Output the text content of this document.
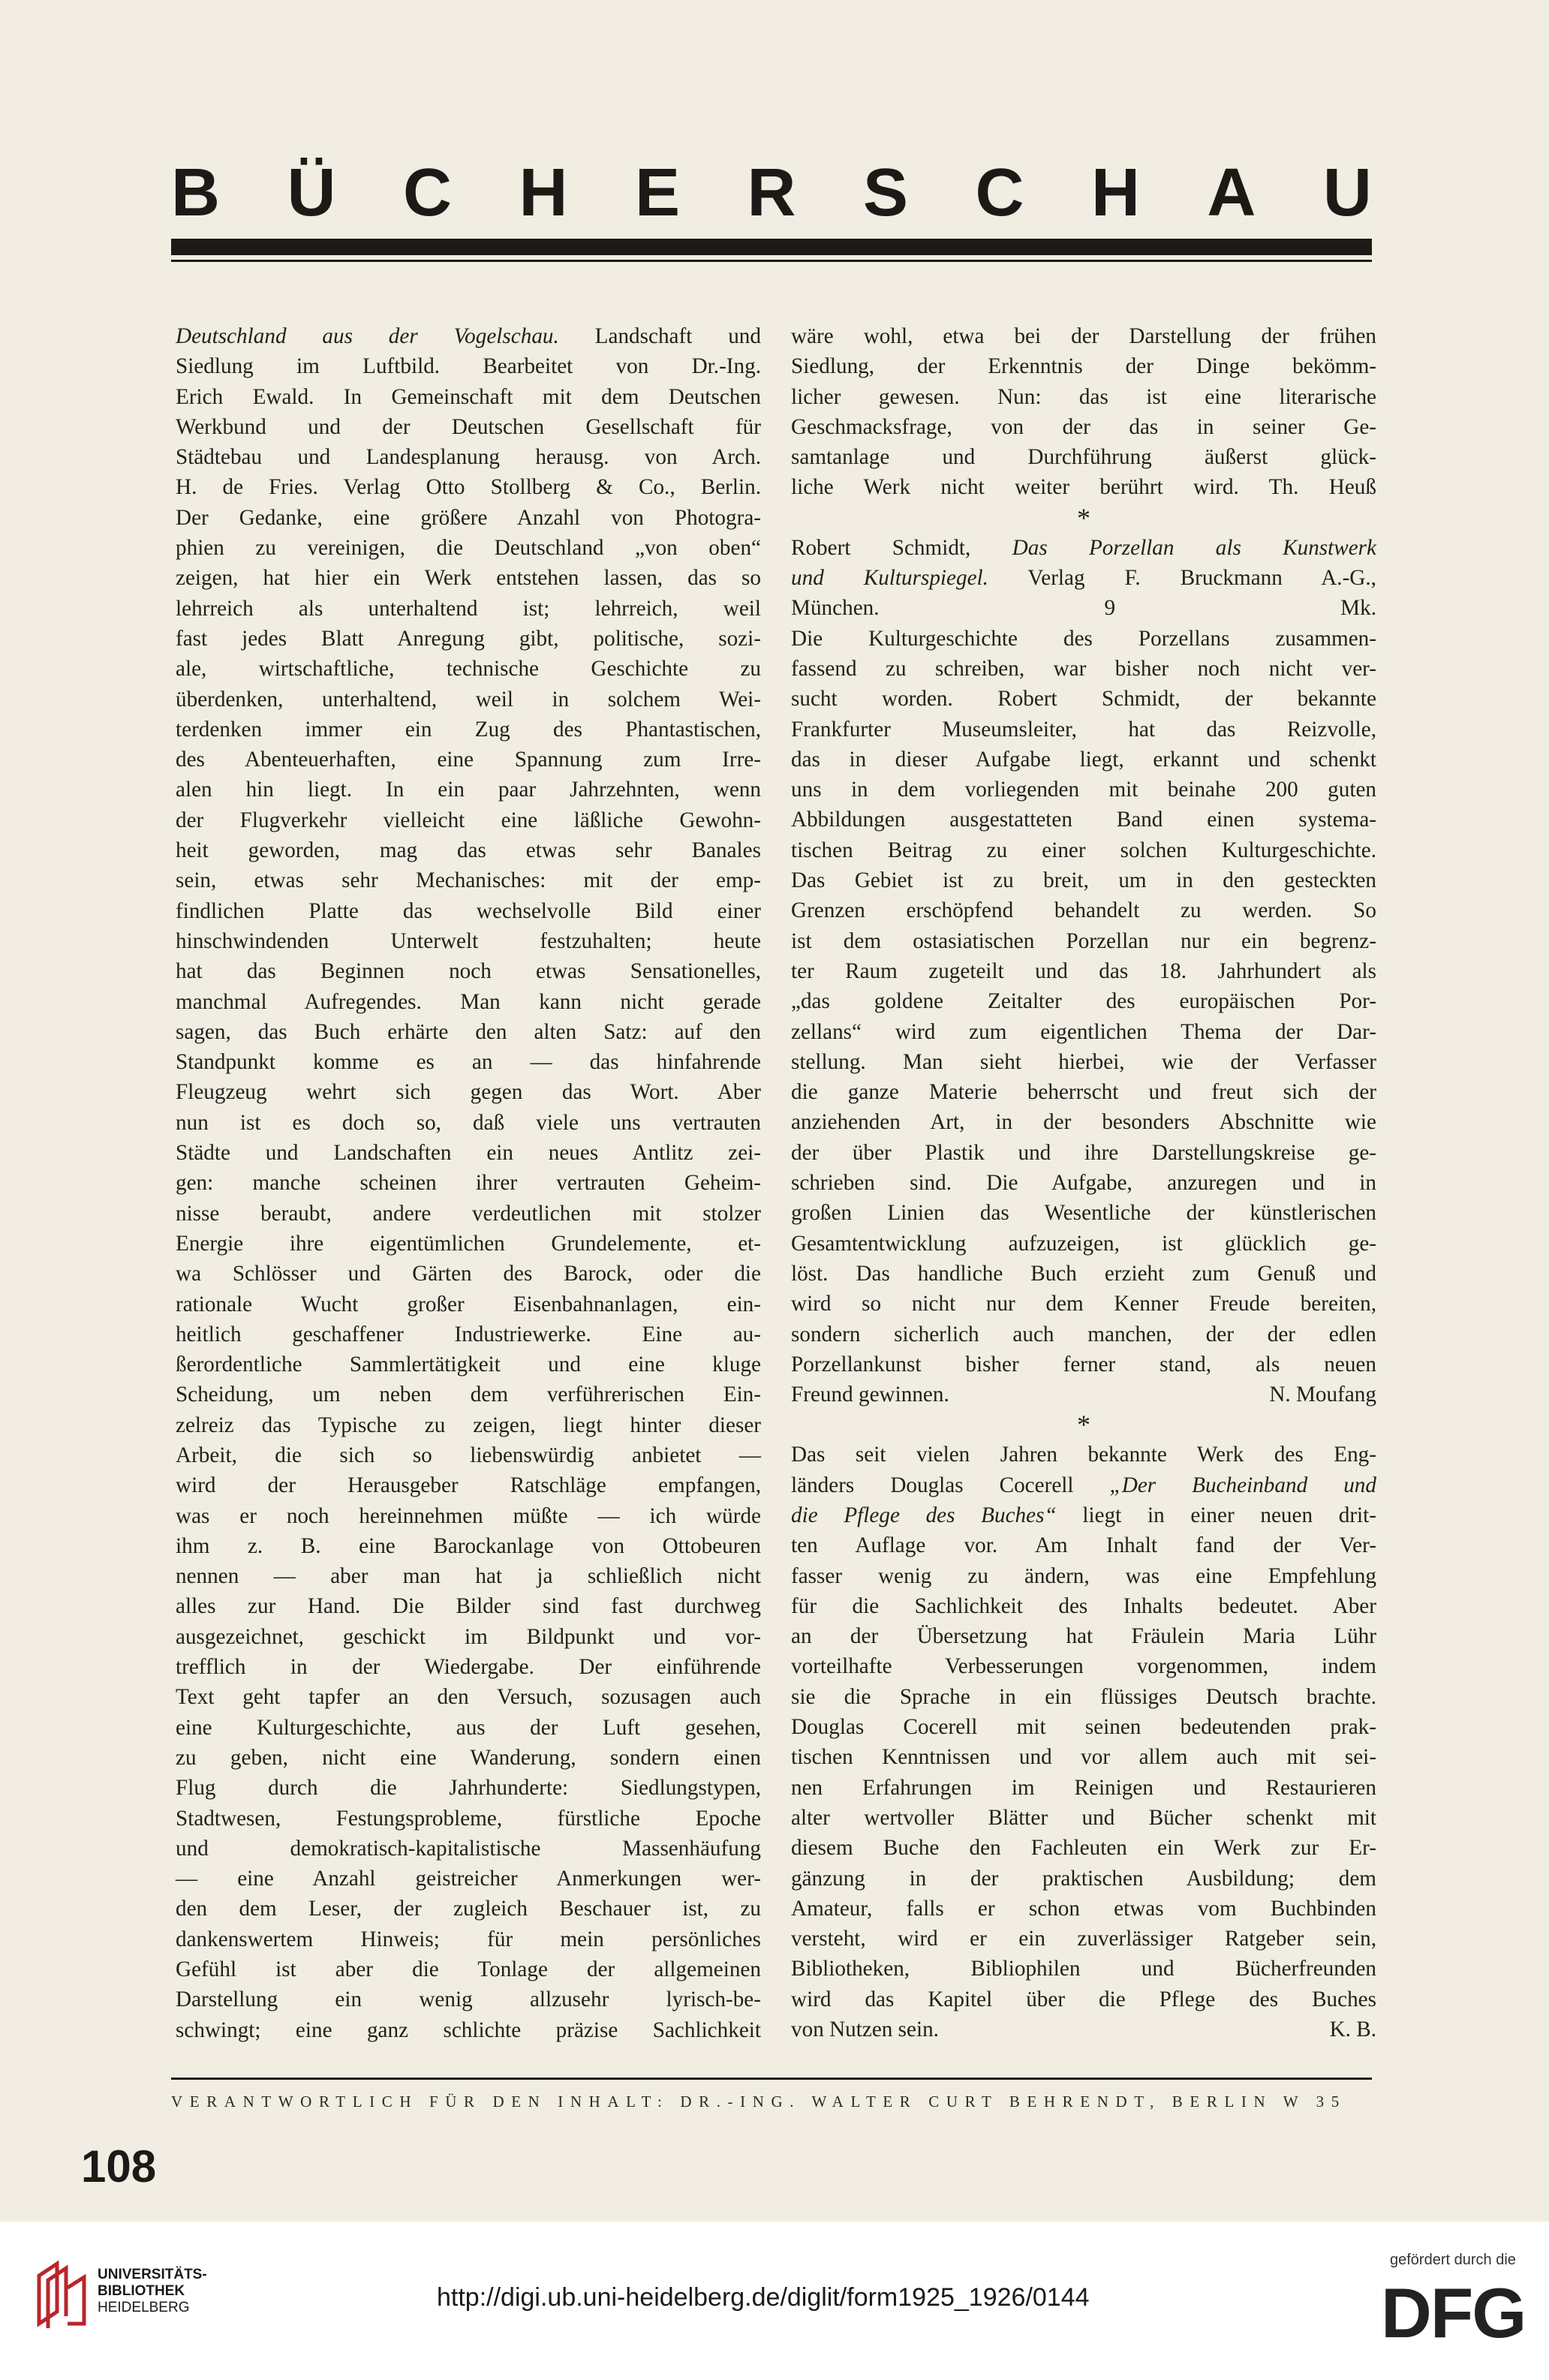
B Ü C H E R S C H A U
Deutschland aus der Vogelschau. Landschaft und
Siedlung im Luftbild. Bearbeitet von Dr.-Ing.
Erich Ewald. In Gemeinschaft mit dem Deutschen
Werkbund und der Deutschen Gesellschaft für
Städtebau und Landesplanung herausg. von Arch.
H. de Fries. Verlag Otto Stollberg & Co., Berlin.
Der Gedanke, eine größere Anzahl von Photogra-
phien zu vereinigen, die Deutschland „von oben“
zeigen, hat hier ein Werk entstehen lassen, das so
lehrreich als unterhaltend ist; lehrreich, weil
fast jedes Blatt Anregung gibt, politische, sozi-
ale, wirtschaftliche, technische Geschichte zu
überdenken, unterhaltend, weil in solchem Wei-
terdenken immer ein Zug des Phantastischen,
des Abenteuerhaften, eine Spannung zum Irre-
alen hin liegt. In ein paar Jahrzehnten, wenn
der Flugverkehr vielleicht eine läßliche Gewohn-
heit geworden, mag das etwas sehr Banales
sein, etwas sehr Mechanisches: mit der emp-
findlichen Platte das wechselvolle Bild einer
hinschwindenden Unterwelt festzuhalten; heute
hat das Beginnen noch etwas Sensationelles,
manchmal Aufregendes. Man kann nicht gerade
sagen, das Buch erhärte den alten Satz: auf den
Standpunkt komme es an — das hinfahrende
Fleugzeug wehrt sich gegen das Wort. Aber
nun ist es doch so, daß viele uns vertrauten
Städte und Landschaften ein neues Antlitz zei-
gen: manche scheinen ihrer vertrauten Geheim-
nisse beraubt, andere verdeutlichen mit stolzer
Energie ihre eigentümlichen Grundelemente, et-
wa Schlösser und Gärten des Barock, oder die
rationale Wucht großer Eisenbahnanlagen, ein-
heitlich geschaffener Industriewerke. Eine au-
ßerordentliche Sammlertätigkeit und eine kluge
Scheidung, um neben dem verführerischen Ein-
zelreiz das Typische zu zeigen, liegt hinter dieser
Arbeit, die sich so liebenswürdig anbietet —
wird der Herausgeber Ratschläge empfangen,
was er noch hereinnehmen müßte — ich würde
ihm z. B. eine Barockanlage von Ottobeuren
nennen — aber man hat ja schließlich nicht
alles zur Hand. Die Bilder sind fast durchweg
ausgezeichnet, geschickt im Bildpunkt und vor-
trefflich in der Wiedergabe. Der einführende
Text geht tapfer an den Versuch, sozusagen auch
eine Kulturgeschichte, aus der Luft gesehen,
zu geben, nicht eine Wanderung, sondern einen
Flug durch die Jahrhunderte: Siedlungstypen,
Stadtwesen, Festungsprobleme, fürstliche Epoche
und demokratisch-kapitalistische Massenhäufung
— eine Anzahl geistreicher Anmerkungen wer-
den dem Leser, der zugleich Beschauer ist, zu
dankenswertem Hinweis; für mein persönliches
Gefühl ist aber die Tonlage der allgemeinen
Darstellung ein wenig allzusehr lyrisch-be-
schwingt; eine ganz schlichte präzise Sachlichkeit
wäre wohl, etwa bei der Darstellung der frühen
Siedlung, der Erkenntnis der Dinge bekömm-
licher gewesen. Nun: das ist eine literarische
Geschmacksfrage, von der das in seiner Ge-
samtanlage und Durchführung äußerst glück-
liche Werk nicht weiter berührt wird. Th. Heuß
*
Robert Schmidt, Das Porzellan als Kunstwerk
und Kulturspiegel. Verlag F. Bruckmann A.-G.,
München. 9 Mk.
Die Kulturgeschichte des Porzellans zusammen-
fassend zu schreiben, war bisher noch nicht ver-
sucht worden. Robert Schmidt, der bekannte
Frankfurter Museumsleiter, hat das Reizvolle,
das in dieser Aufgabe liegt, erkannt und schenkt
uns in dem vorliegenden mit beinahe 200 guten
Abbildungen ausgestatteten Band einen systema-
tischen Beitrag zu einer solchen Kulturgeschichte.
Das Gebiet ist zu breit, um in den gesteckten
Grenzen erschöpfend behandelt zu werden. So
ist dem ostasiatischen Porzellan nur ein begrenz-
ter Raum zugeteilt und das 18. Jahrhundert als
„das goldene Zeitalter des europäischen Por-
zellans“ wird zum eigentlichen Thema der Dar-
stellung. Man sieht hierbei, wie der Verfasser
die ganze Materie beherrscht und freut sich der
anziehenden Art, in der besonders Abschnitte wie
der über Plastik und ihre Darstellungskreise ge-
schrieben sind. Die Aufgabe, anzuregen und in
großen Linien das Wesentliche der künstlerischen
Gesamtentwicklung aufzuzeigen, ist glücklich ge-
löst. Das handliche Buch erzieht zum Genuß und
wird so nicht nur dem Kenner Freude bereiten,
sondern sicherlich auch manchen, der der edlen
Porzellankunst bisher ferner stand, als neuen
Freund gewinnen.	N. Moufang
*
Das seit vielen Jahren bekannte Werk des Eng-
länders Douglas Cocerell „Der Bucheinband und
die Pflege des Buches“ liegt in einer neuen drit-
ten Auflage vor. Am Inhalt fand der Ver-
fasser wenig zu ändern, was eine Empfehlung
für die Sachlichkeit des Inhalts bedeutet. Aber
an der Übersetzung hat Fräulein Maria Lühr
vorteilhafte Verbesserungen vorgenommen, indem
sie die Sprache in ein flüssiges Deutsch brachte.
Douglas Cocerell mit seinen bedeutenden prak-
tischen Kenntnissen und vor allem auch mit sei-
nen Erfahrungen im Reinigen und Restaurieren
alter wertvoller Blätter und Bücher schenkt mit
diesem Buche den Fachleuten ein Werk zur Er-
gänzung in der praktischen Ausbildung; dem
Amateur, falls er schon etwas vom Buchbinden
versteht, wird er ein zuverlässiger Ratgeber sein,
Bibliotheken, Bibliophilen und Bücherfreunden
wird das Kapitel über die Pflege des Buches
von Nutzen sein.	K. B.
VERANTWORTLICH FÜR DEN INHALT: DR.-ING. WALTER CURT BEHRENDT, BERLIN W 35
108
UNIVERSITÄTS-
BIBLIOTHEK
HEIDELBERG	http://digi.ub.uni-heidelberg.de/diglit/form1925_1926/0144
gefördert durch die
DFG
